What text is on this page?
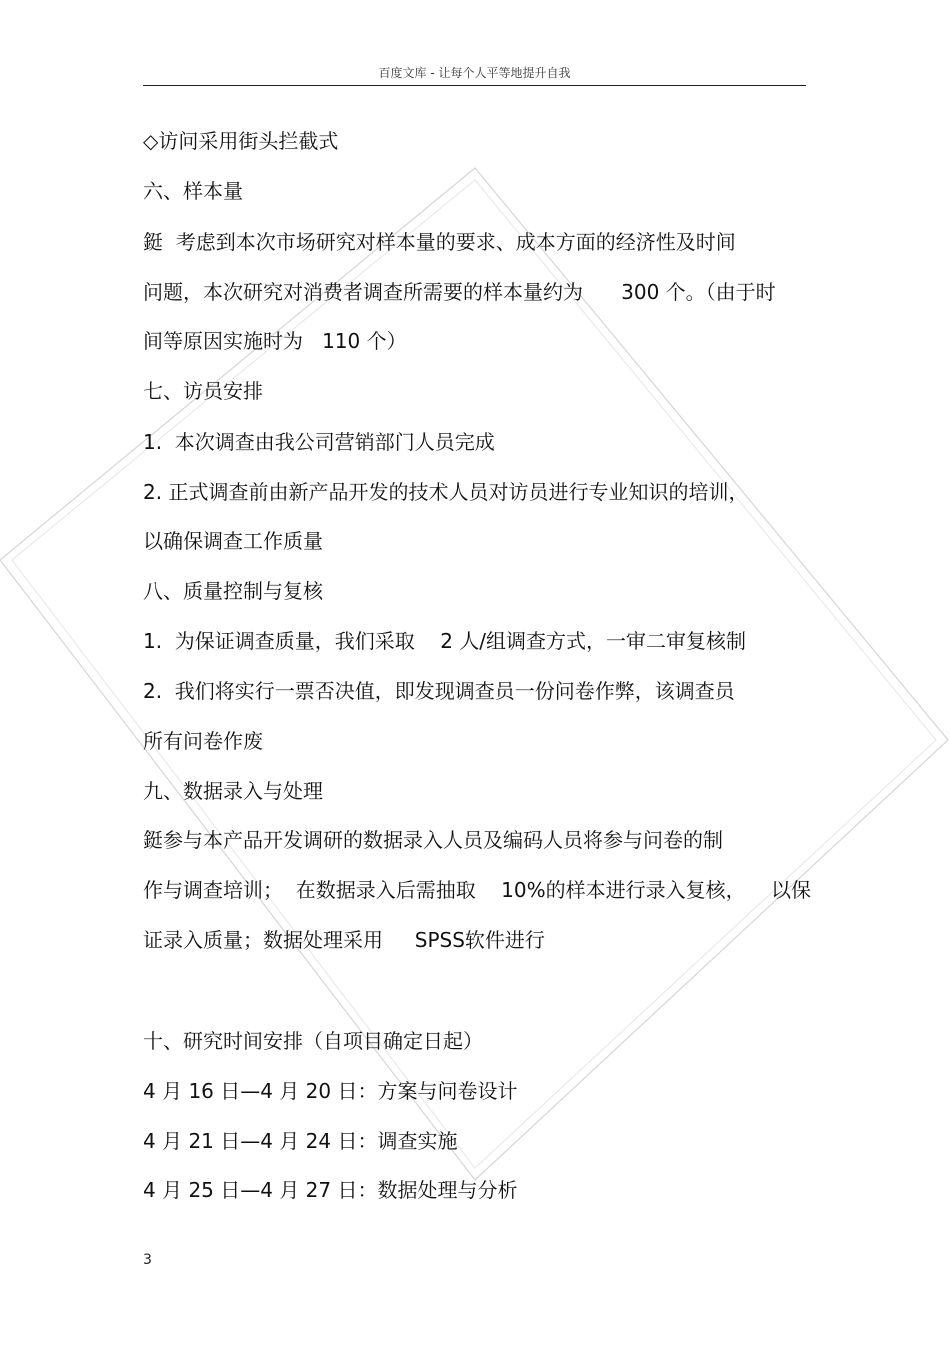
百度文库 - 让每个人平等地提升自我
◇访问采用街头拦截式
六、样本量
鋌  考虑到本次市场研究对样本量的要求、成本方面的经济性及时间
问题，本次研究对消费者调查所需要的样本量约为      300 个。（由于时
间等原因实施时为   110 个）
七、访员安排
1.  本次调查由我公司营销部门人员完成
2. 正式调查前由新产品开发的技术人员对访员进行专业知识的培训，
以确保调查工作质量
八、质量控制与复核
1.  为保证调查质量，我们采取    2 人/组调查方式，一审二审复核制
2.  我们将实行一票否决值，即发现调查员一份问卷作弊，该调查员
所有问卷作废
九、数据录入与处理
鋌参与本产品开发调研的数据录入人员及编码人员将参与问卷的制
作与调查培训；  在数据录入后需抽取    10%的样本进行录入复核，    以保
证录入质量；数据处理采用     SPSS软件进行
十、研究时间安排（自项目确定日起）
4 月 16 日—4 月 20 日：方案与问卷设计
4 月 21 日—4 月 24 日：调查实施
4 月 25 日—4 月 27 日：数据处理与分析
3
